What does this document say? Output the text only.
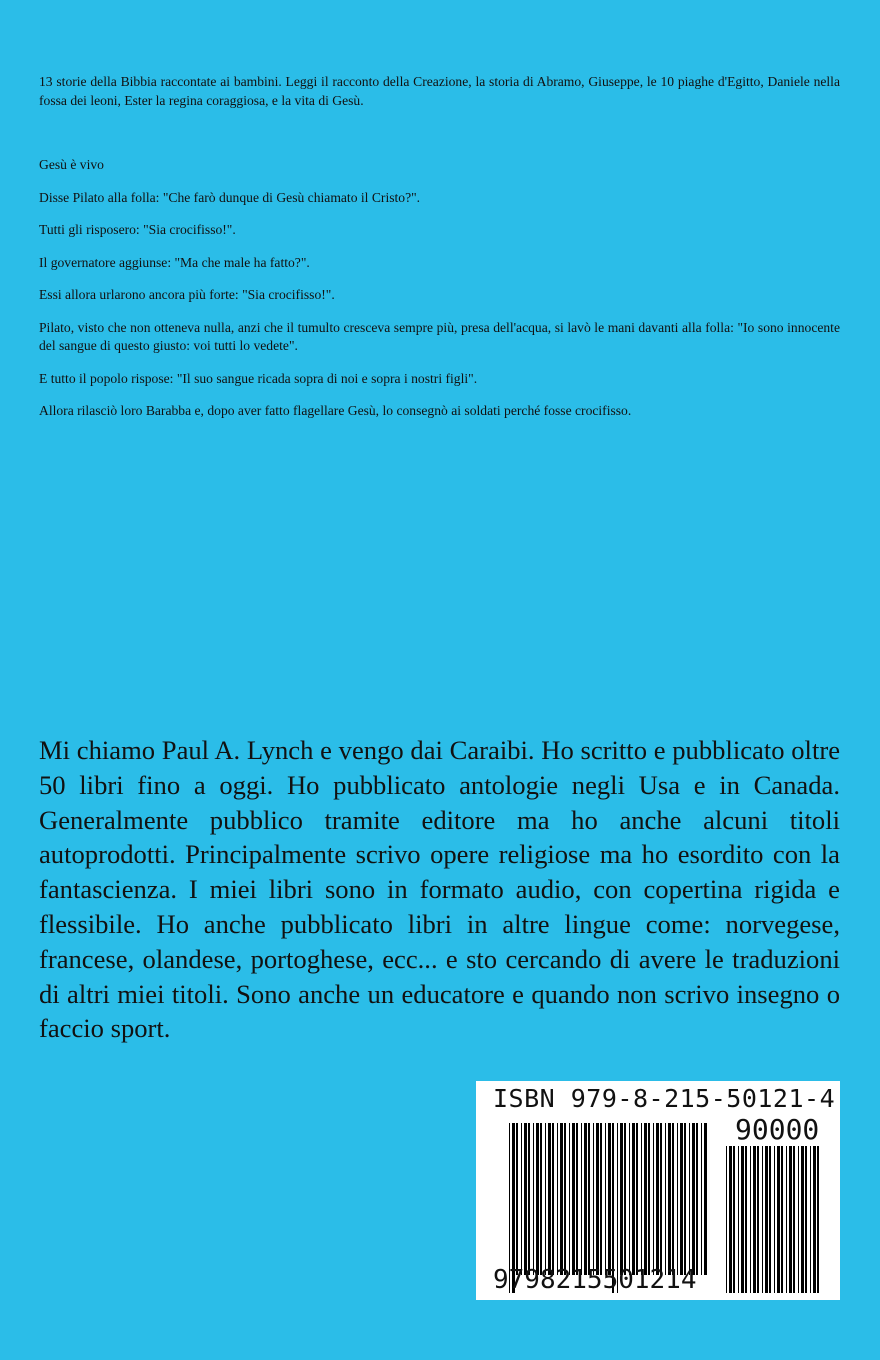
13 storie della Bibbia raccontate ai bambini. Leggi il racconto della Creazione, la storia di Abramo, Giuseppe, le 10 piaghe d'Egitto, Daniele nella fossa dei leoni, Ester la regina coraggiosa, e la vita di Gesù.

Gesù è vivo

Disse Pilato alla folla: "Che farò dunque di Gesù chiamato il Cristo?".

Tutti gli risposero: "Sia crocifisso!".

Il governatore aggiunse: "Ma che male ha fatto?".

Essi allora urlarono ancora più forte: "Sia crocifisso!".

Pilato, visto che non otteneva nulla, anzi che il tumulto cresceva sempre più, presa dell'acqua, si lavò le mani davanti alla folla: "Io sono innocente del sangue di questo giusto: voi tutti lo vedete".

E tutto il popolo rispose: "Il suo sangue ricada sopra di noi e sopra i nostri figli".

Allora rilasciò loro Barabba e, dopo aver fatto flagellare Gesù, lo consegnò ai soldati perché fosse crocifisso.

Mi chiamo Paul A. Lynch e vengo dai Caraibi. Ho scritto e pubblicato oltre 50 libri fino a oggi. Ho pubblicato antologie negli Usa e in Canada. Generalmente pubblico tramite editore ma ho anche alcuni titoli autoprodotti. Principalmente scrivo opere religiose ma ho esordito con la fantascienza. I miei libri sono in formato audio, con copertina rigida e flessibile. Ho anche pubblicato libri in altre lingue come: norvegese, francese, olandese, portoghese, ecc... e sto cercando di avere le traduzioni di altri miei titoli. Sono anche un educatore e quando non scrivo insegno o faccio sport.

ISBN 979-8-215-50121-4
90000
9798215501214
